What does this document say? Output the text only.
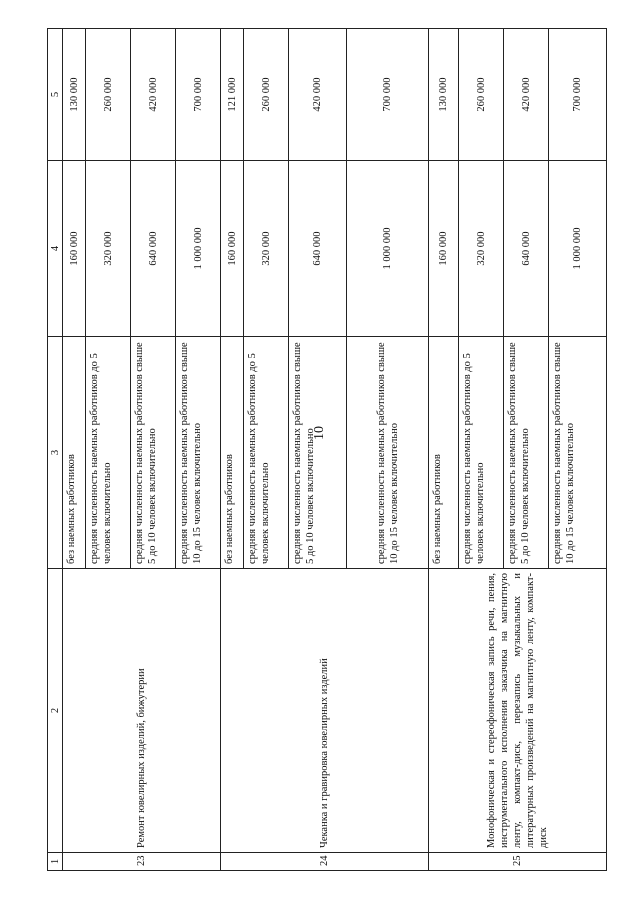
10
1	2	3	4	5
23	Ремонт ювелирных изделий, бижутерии	без наемных работников	160 000	130 000
		средняя численность наемных работников до 5 человек включительно	320 000	260 000
		средняя численность наемных работников свыше 5 до 10 человек включительно	640 000	420 000
		средняя численность наемных работников свыше 10 до 15 человек включительно	1 000 000	700 000
24	Чеканка и гравировка ювелирных изделий	без наемных работников	160 000	121 000
		средняя численность наемных работников до 5 человек включительно	320 000	260 000
		средняя численность наемных работников свыше 5 до 10 человек включительно	640 000	420 000
		средняя численность наемных работников свыше 10 до 15 человек включительно	1 000 000	700 000
25	Монофоническая и стереофоническая запись речи, пения, инструментального исполнения заказчика на магнитную ленту, компакт-диск, перезапись музыкальных и литературных произведений на магнитную ленту, компакт-диск	без наемных работников	160 000	130 000
		средняя численность наемных работников до 5 человек включительно	320 000	260 000
		средняя численность наемных работников свыше 5 до 10 человек включительно	640 000	420 000
		средняя численность наемных работников свыше 10 до 15 человек включительно	1 000 000	700 000
